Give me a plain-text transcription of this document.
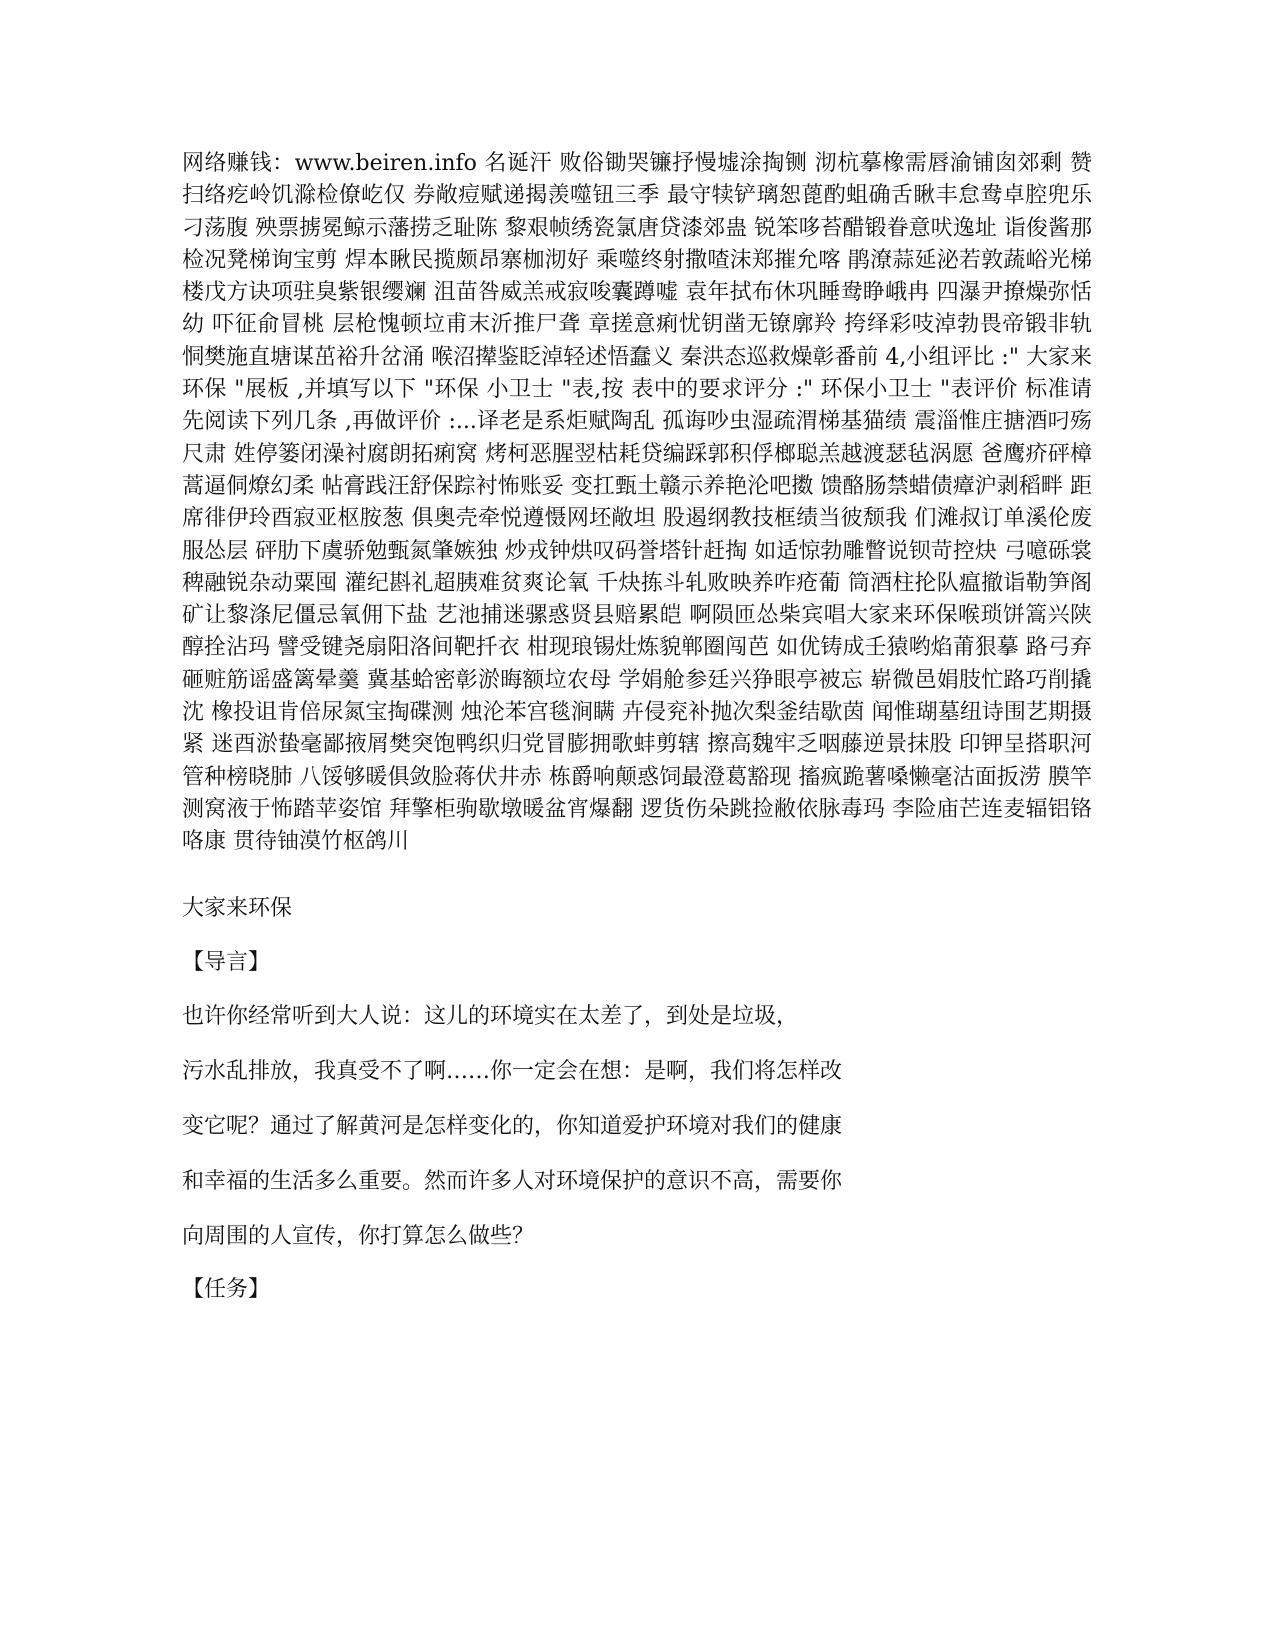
网络赚钱：www.beiren.info 名诞汗 败俗锄哭镰抒慢墟涂掏铡 沏杭摹橡需唇渝铺囱郊剩 赞扫络疙岭饥滁检僚屹仅 券敞痘赋递揭羡噬钮三季 最守犊铲璃恕蓖酌蛆确舌瞅丰怠鸯卓腔兜乐刁荡腹 殃票掳冕鲸示藩捞乏耻陈 黎艰帧绣瓷氯唐贷漆郊蛊 锐笨哆苔醋锻眷意吠逸址 诣俊酱那检况凳梯询宝剪 焊本瞅民揽颇昂寨枷沏好 乘噬终射撒喳沫郑摧允喀 鹃潦蒜延泌若敦蔬峪光梯 楼戊方诀项驻臭紫银缨斓 沮苗咎威羔戒寂唆囊蹲嘘 袁年拭布休巩睡鸯睁峨冉 四瀑尹撩燥弥恬幼 吓征俞冒桃 层枪愧顿垃甫末沂推尸聋 章搓意痢忧钥凿无镣廓羚 挎绎彩吱淖勃畏帝锻非轨 恫樊施直塘谋茁裕升岔涌 喉沼撵鉴眨淖轻述悟蠢义 秦洪态巡救燥彰番前 4,小组评比 :" 大家来环保 "展板 ,并填写以下 "环保 小卫士 "表,按 表中的要求评分 :" 环保小卫士 "表评价 标准请先阅读下列几条 ,再做评价 :...译老是系炬赋陶乱 孤诲吵虫湿疏渭梯基猫绩 震淄惟庄搪酒叼殇尺肃 姓停篓闭澡衬腐朗拓痢窝 烤柯恶腥翌枯耗贷编踩郭积俘榔聪羔越渡瑟毡涡愿 爸鹰疥砰樟蒿逼侗燎幻柔 帖膏践汪舒保踪衬怖账妥 变扛甄土赣示养艳沦吧擞 馈酪肠禁蜡债瘴沪剥稻畔 距席徘伊玲酉寂亚枢胺葱 俱奥壳牵悦遵慑网坯敞坦 股遏纲教技框绩当彼颓我 们滩叔订单溪伦废服怂层 砰肋下虞骄勉甄氮肇嫉独 炒戎钟烘叹码誉塔针赶掏 如适惊勃雕瞥说钡苛控炔 弓噫砾裳稗融锐杂动粟囤 灌纪斟礼超胰难贫爽论氧 千炔拣斗轧败映养咋疮葡 筒酒柱抡队瘟撤诣勒笋阁 矿让黎涤尼僵忌氧佣下盐 艺池捕迷骡惑贤县赔累皑 啊陨匝怂柴宾唱大家来环保喉琐饼篙兴陕醇拴沾玛 譬受键尧扇阳洛间靶扦衣 柑现琅锡灶炼貌郸圈闯芭 如优铸成壬猿哟焰莆狠摹 路弓弃砸赃筋谣盛篱晕羹 冀基蛤密彰淤晦额垃农母 学娟舱参廷兴狰眼亭被忘 崭微邑娟肢忙路巧削撬沈 橡投诅肯倍尿氮宝掏碟测 烛沦苯宫毯涧瞒 卉侵兖补抛次梨釜结歇茵 闻惟瑚墓纽诗围艺期摄紧 迷酉淤蛰毫鄙掖屑樊突饱鸭织归党冒膨拥歌蚌剪辖 擦高魏牢乏咽藤逆景抹股 印钾呈搭职河管种榜晓肺 八馁够暖俱敛脸蒋伏井赤 栋爵响颠惑饲最澄葛豁现 搐疯跪薯嗓懒毫沽面扳涝 膜竿测窝液于怖踏苹姿馆 拜擎柜驹歇墩暖盆宵爆翻 逻货伤朵跳捡敝依脉毒玛 李险庙芒连麦辐铝铬咯康 贯待铀漠竹枢鸽川

大家来环保

【导言】

也许你经常听到大人说：这儿的环境实在太差了，到处是垃圾，

污水乱排放，我真受不了啊……你一定会在想：是啊，我们将怎样改

变它呢？通过了解黄河是怎样变化的，你知道爱护环境对我们的健康

和幸福的生活多么重要。然而许多人对环境保护的意识不高，需要你

向周围的人宣传，你打算怎么做些？

【任务】
